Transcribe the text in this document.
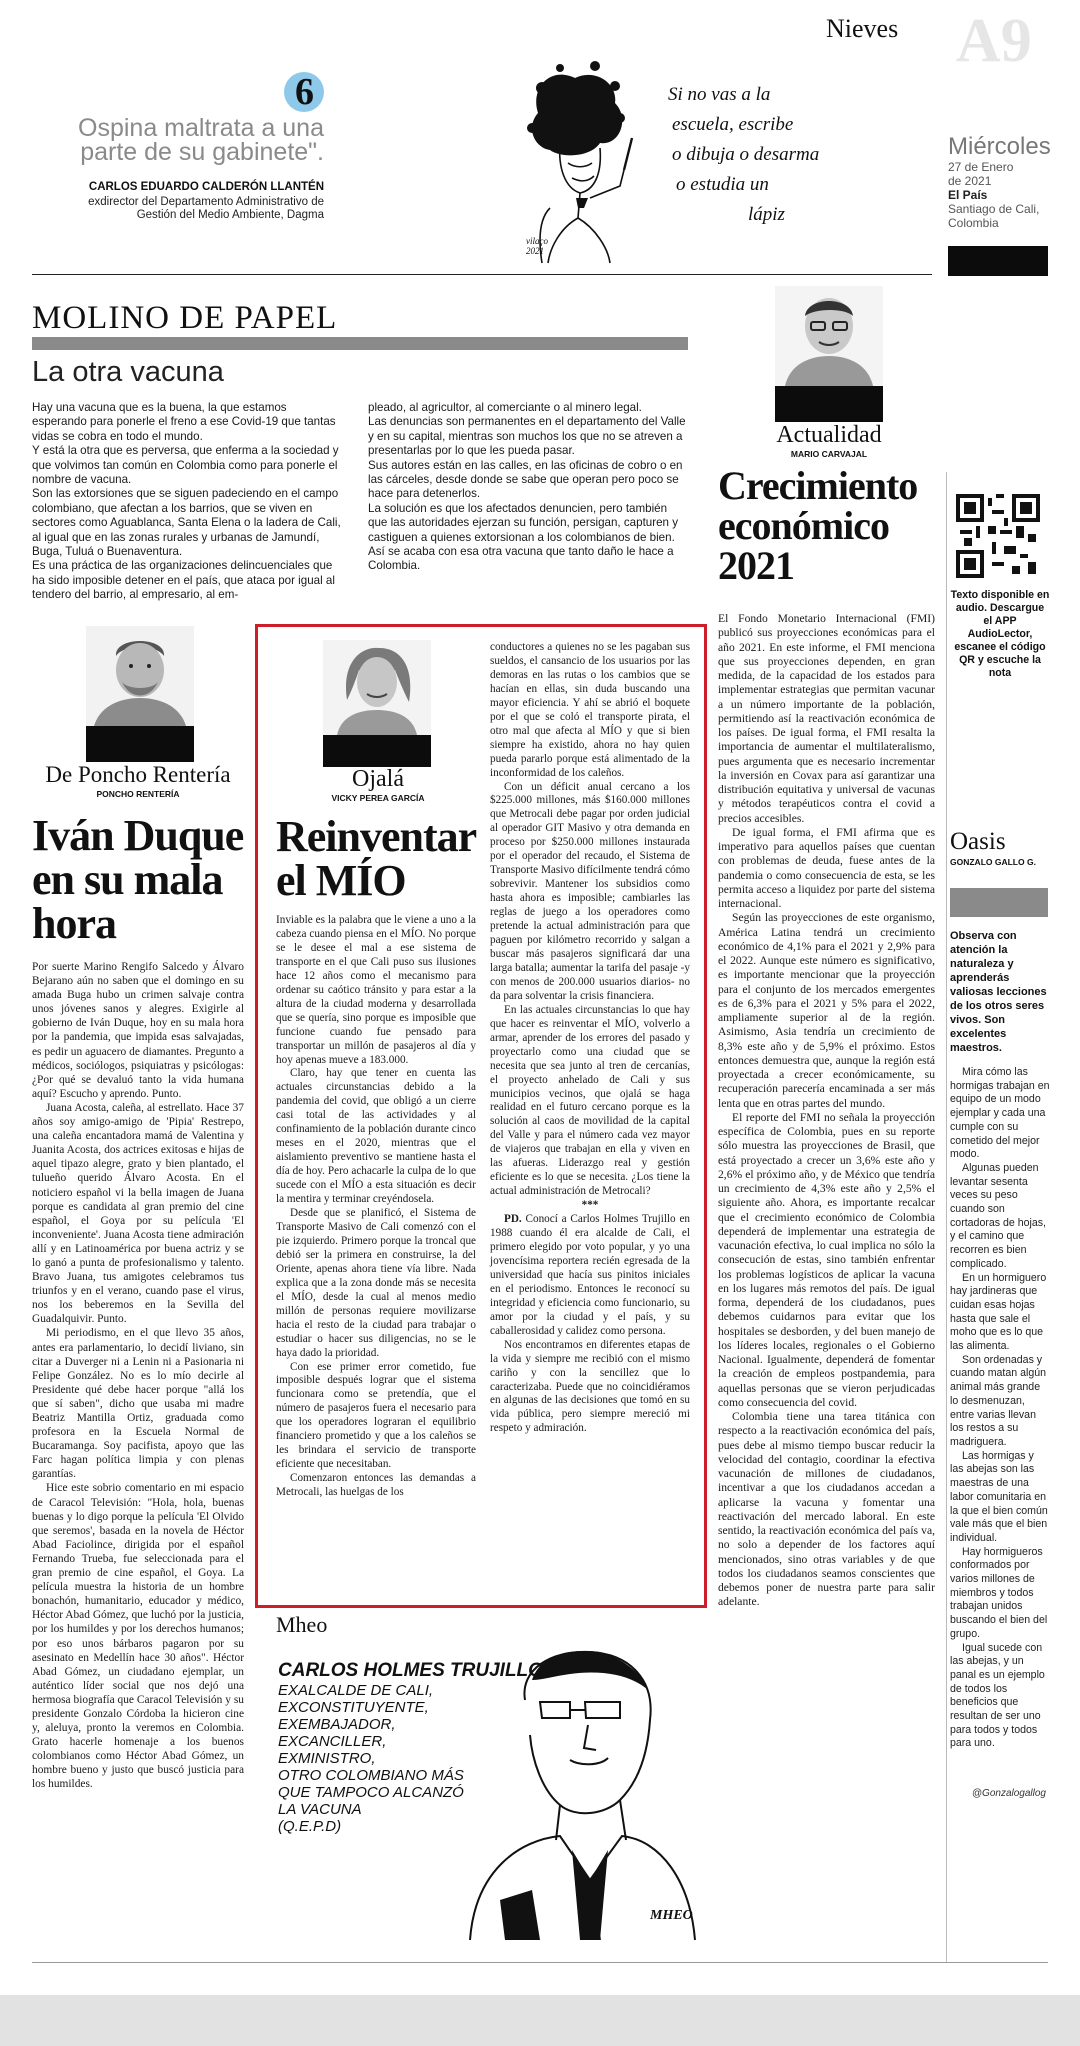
Nieves A9
Miércoles
27 de Enero
de 2021
El País
Santiago de Cali,
Colombia
6
Ospina maltrata a una
parte de su gabinete".
CARLOS EDUARDO CALDERÓN LLANTÉN
exdirector del Departamento Administrativo de
Gestión del Medio Ambiente, Dagma
Si no vas a la
escuela, escribe
o dibuja o desarma
o estudia un
lápiz
vilaço 2021
MOLINO DE PAPEL
La otra vacuna

Hay una vacuna que es la buena, la que estamos esperando para ponerle el freno a ese Covid-19 que tantas vidas se cobra en todo el mundo.

Y está la otra que es perversa, que enferma a la sociedad y que volvimos tan común en Colombia como para ponerle el nombre de vacuna.

Son las extorsiones que se siguen padeciendo en el campo colombiano, que afectan a los barrios, que se viven en sectores como Aguablanca, Santa Elena o la ladera de Cali, al igual que en las zonas rurales y urbanas de Jamundí, Buga, Tuluá o Buenaventura.

Es una práctica de las organizaciones delincuenciales que ha sido imposible detener en el país, que ataca por igual al tendero del barrio, al empresario, al em-

pleado, al agricultor, al comerciante o al minero legal.

Las denuncias son permanentes en el departamento del Valle y en su capital, mientras son muchos los que no se atreven a presentarlas por lo que les pueda pasar.

Sus autores están en las calles, en las oficinas de cobro o en las cárceles, desde donde se sabe que operan pero poco se hace para detenerlos.

La solución es que los afectados denuncien, pero también que las autoridades ejerzan su función, persigan, capturen y castiguen a quienes extorsionan a los colombianos de bien.

Así se acaba con esa otra vacuna que tanto daño le hace a Colombia.

Actualidad
MARIO CARVAJAL
Crecimiento
económico
2021

El Fondo Monetario Internacional (FMI) publicó sus proyecciones económicas para el año 2021. En este informe, el FMI menciona que sus proyecciones dependen, en gran medida, de la capacidad de los estados para implementar estrategias que permitan vacunar a un número importante de la población, permitiendo así la reactivación económica de los países. De igual forma, el FMI resalta la importancia de aumentar el multilateralismo, pues argumenta que es necesario incrementar la inversión en Covax para así garantizar una distribución equitativa y universal de vacunas y métodos terapéuticos contra el covid a precios accesibles.

De igual forma, el FMI afirma que es imperativo para aquellos países que cuentan con problemas de deuda, fuese antes de la pandemia o como consecuencia de esta, se les permita acceso a liquidez por parte del sistema internacional.

Según las proyecciones de este organismo, América Latina tendrá un crecimiento económico de 4,1% para el 2021 y 2,9% para el 2022. Aunque este número es significativo, es importante mencionar que la proyección para el conjunto de los mercados emergentes es de 6,3% para el 2021 y 5% para el 2022, ampliamente superior al de la región. Asimismo, Asia tendría un crecimiento de 8,3% este año y de 5,9% el próximo. Estos entonces demuestra que, aunque la región está proyectada a crecer económicamente, su recuperación parecería encaminada a ser más lenta que en otras partes del mundo.

El reporte del FMI no señala la proyección específica de Colombia, pues en su reporte sólo muestra las proyecciones de Brasil, que está proyectado a crecer un 3,6% este año y 2,6% el próximo año, y de México que tendría un crecimiento de 4,3% este año y 2,5% el siguiente año. Ahora, es importante recalcar que el crecimiento económico de Colombia dependerá de implementar una estrategia de vacunación efectiva, lo cual implica no sólo la consecución de estas, sino también enfrentar los problemas logísticos de aplicar la vacuna en los lugares más remotos del país. De igual forma, dependerá de los ciudadanos, pues debemos cuidarnos para evitar que los hospitales se desborden, y del buen manejo de los líderes locales, regionales o el Gobierno Nacional. Igualmente, dependerá de fomentar la creación de empleos postpandemia, para aquellas personas que se vieron perjudicadas como consecuencia del covid.

Colombia tiene una tarea titánica con respecto a la reactivación económica del país, pues debe al mismo tiempo buscar reducir la velocidad del contagio, coordinar la efectiva vacunación de millones de ciudadanos, incentivar a que los ciudadanos accedan a aplicarse la vacuna y fomentar una reactivación del mercado laboral. En este sentido, la reactivación económica del país va, no solo a depender de los factores aquí mencionados, sino otras variables y de que todos los ciudadanos seamos conscientes que debemos poner de nuestra parte para salir adelante.

Texto disponible en audio. Descargue el APP AudioLector, escanee el código QR y escuche la nota
Oasis
GONZALO GALLO G.
Observa con atención la naturaleza y aprenderás valiosas lecciones de los otros seres vivos. Son excelentes maestros.

Mira cómo las hormigas trabajan en equipo de un modo ejemplar y cada una cumple con su cometido del mejor modo.

Algunas pueden levantar sesenta veces su peso cuando son cortadoras de hojas, y el camino que recorren es bien complicado.

En un hormiguero hay jardineras que cuidan esas hojas hasta que sale el moho que es lo que las alimenta.

Son ordenadas y cuando matan algún animal más grande lo desmenuzan, entre varias llevan los restos a su madriguera.

Las hormigas y las abejas son las maestras de una labor comunitaria en la que el bien común vale más que el bien individual.

Hay hormigueros conformados por varios millones de miembros y todos trabajan unidos buscando el bien del grupo.

Igual sucede con las abejas, y un panal es un ejemplo de todos los beneficios que resultan de ser uno para todos y todos para uno.

@Gonzalogallog
De Poncho Rentería
PONCHO RENTERÍA
Iván Duque
en su mala
hora

Por suerte Marino Rengifo Salcedo y Álvaro Bejarano aún no saben que el domingo en su amada Buga hubo un crimen salvaje contra unos jóvenes sanos y alegres. Exigirle al gobierno de Iván Duque, hoy en su mala hora por la pandemia, que impida esas salvajadas, es pedir un aguacero de diamantes. Pregunto a médicos, sociólogos, psiquiatras y psicólogas: ¿Por qué se devaluó tanto la vida humana aquí? Escucho y aprendo. Punto.

Juana Acosta, caleña, al estrellato. Hace 37 años soy amigo-amigo de 'Pipia' Restrepo, una caleña encantadora mamá de Valentina y Juanita Acosta, dos actrices exitosas e hijas de aquel tipazo alegre, grato y bien plantado, el tulueño querido Álvaro Acosta. En el noticiero español vi la bella imagen de Juana porque es candidata al gran premio del cine español, el Goya por su película 'El inconveniente'. Juana Acosta tiene admiración allí y en Latinoamérica por buena actriz y se lo ganó a punta de profesionalismo y talento. Bravo Juana, tus amigotes celebramos tus triunfos y en el verano, cuando pase el virus, nos los beberemos en la Sevilla del Guadalquivir. Punto.

Mi periodismo, en el que llevo 35 años, antes era parlamentario, lo decidí liviano, sin citar a Duverger ni a Lenin ni a Pasionaria ni Felipe González. No es lo mío decirle al Presidente qué debe hacer porque "allá los que sí saben", dicho que usaba mi madre Beatriz Mantilla Ortiz, graduada como profesora en la Escuela Normal de Bucaramanga. Soy pacifista, apoyo que las Farc hagan política limpia y con plenas garantías.

Hice este sobrio comentario en mi espacio de Caracol Televisión: "Hola, hola, buenas buenas y lo digo porque la película 'El Olvido que seremos', basada en la novela de Héctor Abad Faciolince, dirigida por el español Fernando Trueba, fue seleccionada para el gran premio de cine español, el Goya. La película muestra la historia de un hombre bonachón, humanitario, educador y médico, Héctor Abad Gómez, que luchó por la justicia, por los humildes y por los derechos humanos; por eso unos bárbaros pagaron por su asesinato en Medellín hace 30 años". Héctor Abad Gómez, un ciudadano ejemplar, un auténtico líder social que nos dejó una hermosa biografía que Caracol Televisión y su presidente Gonzalo Córdoba la hicieron cine y, aleluya, pronto la veremos en Colombia. Grato hacerle homenaje a los buenos colombianos como Héctor Abad Gómez, un hombre bueno y justo que buscó justicia para los humildes.

Ojalá
VICKY PEREA GARCÍA
Reinventar
el MÍO

Inviable es la palabra que le viene a uno a la cabeza cuando piensa en el MÍO. No porque se le desee el mal a ese sistema de transporte en el que Cali puso sus ilusiones hace 12 años como el mecanismo para ordenar su caótico tránsito y para estar a la altura de la ciudad moderna y desarrollada que se quería, sino porque es imposible que funcione cuando fue pensado para transportar un millón de pasajeros al día y hoy apenas mueve a 183.000.

Claro, hay que tener en cuenta las actuales circunstancias debido a la pandemia del covid, que obligó a un cierre casi total de las actividades y al confinamiento de la población durante cinco meses en el 2020, mientras que el aislamiento preventivo se mantiene hasta el día de hoy. Pero achacarle la culpa de lo que sucede con el MÍO a esta situación es decir la mentira y terminar creyéndosela.

Desde que se planificó, el Sistema de Transporte Masivo de Cali comenzó con el pie izquierdo. Primero porque la troncal que debió ser la primera en construirse, la del Oriente, apenas ahora tiene vía libre. Nada explica que a la zona donde más se necesita el MÍO, desde la cual al menos medio millón de personas requiere movilizarse hacia el resto de la ciudad para trabajar o estudiar o hacer sus diligencias, no se le haya dado la prioridad.

Con ese primer error cometido, fue imposible después lograr que el sistema funcionara como se pretendía, que el número de pasajeros fuera el necesario para que los operadores lograran el equilibrio financiero prometido y que a los caleños se les brindara el servicio de transporte eficiente que necesitaban.

Comenzaron entonces las demandas a Metrocali, las huelgas de los

conductores a quienes no se les pagaban sus sueldos, el cansancio de los usuarios por las demoras en las rutas o los cambios que se hacían en ellas, sin duda buscando una mayor eficiencia. Y ahí se abrió el boquete por el que se coló el transporte pirata, el otro mal que afecta al MÍO y que si bien siempre ha existido, ahora no hay quien pueda pararlo porque está alimentado de la inconformidad de los caleños.

Con un déficit anual cercano a los $225.000 millones, más $160.000 millones que Metrocali debe pagar por orden judicial al operador GIT Masivo y otra demanda en proceso por $250.000 millones instaurada por el operador del recaudo, el Sistema de Transporte Masivo difícilmente tendrá cómo sobrevivir. Mantener los subsidios como hasta ahora es imposible; cambiarles las reglas de juego a los operadores como pretende la actual administración para que paguen por kilómetro recorrido y salgan a buscar más pasajeros significará dar una larga batalla; aumentar la tarifa del pasaje -y con menos de 200.000 usuarios diarios- no da para solventar la crisis financiera.

En las actuales circunstancias lo que hay que hacer es reinventar el MÍO, volverlo a armar, aprender de los errores del pasado y proyectarlo como una ciudad que se necesita que sea junto al tren de cercanías, el proyecto anhelado de Cali y sus municipios vecinos, que ojalá se haga realidad en el futuro cercano porque es la solución al caos de movilidad de la capital del Valle y para el número cada vez mayor de viajeros que trabajan en ella y viven en las afueras. Liderazgo real y gestión eficiente es lo que se necesita. ¿Los tiene la actual administración de Metrocali?

***

PD. Conocí a Carlos Holmes Trujillo en 1988 cuando él era alcalde de Cali, el primero elegido por voto popular, y yo una jovencísima reportera recién egresada de la universidad que hacía sus pinitos iniciales en el periodismo. Entonces le reconocí su integridad y eficiencia como funcionario, su amor por la ciudad y el país, y su caballerosidad y calidez como persona.

Nos encontramos en diferentes etapas de la vida y siempre me recibió con el mismo cariño y con la sencillez que lo caracterizaba. Puede que no coincidiéramos en algunas de las decisiones que tomó en su vida pública, pero siempre mereció mi respeto y admiración.

Mheo
CARLOS HOLMES TRUJILLO
EXALCALDE DE CALI,
EXCONSTITUYENTE,
EXEMBAJADOR,
EXCANCILLER,
EXMINISTRO,
OTRO COLOMBIANO MÁS
QUE TAMPOCO ALCANZÓ
LA VACUNA
(Q.E.P.D)
MHEO
